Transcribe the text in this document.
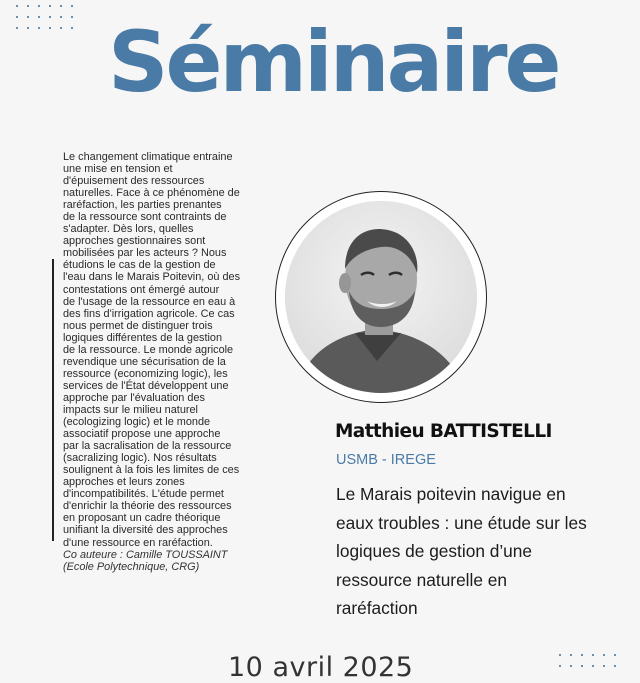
Séminaire

Le changement climatique entraine

une mise en tension et

d'épuisement des ressources

naturelles. Face à ce phénomène de

raréfaction, les parties prenantes

de la ressource sont contraints de

s'adapter. Dès lors, quelles

approches gestionnaires sont

mobilisées par les acteurs ? Nous

étudions le cas de la gestion de

l'eau dans le Marais Poitevin, où des

contestations ont émergé autour

de l'usage de la ressource en eau à

des fins d'irrigation agricole. Ce cas

nous permet de distinguer trois

logiques différentes de la gestion

de la ressource. Le monde agricole

revendique une sécurisation de la

ressource (economizing logic), les

services de l'État développent une

approche par l'évaluation des

impacts sur le milieu naturel

(ecologizing logic) et le monde

associatif propose une approche

par la sacralisation de la ressource

(sacralizing logic). Nos résultats

soulignent à la fois les limites de ces

approches et leurs zones

d'incompatibilités. L'étude permet

d'enrichir la théorie des ressources

en proposant un cadre théorique

unifiant la diversité des approches

d'une ressource en raréfaction.

Co auteure : Camille TOUSSAINT

(Ecole Polytechnique, CRG)

Matthieu BATTISTELLI
USMB - IREGE
Le Marais poitevin navigue en
eaux troubles : une étude sur les
logiques de gestion d’une
ressource naturelle en
raréfaction
10 avril 2025
